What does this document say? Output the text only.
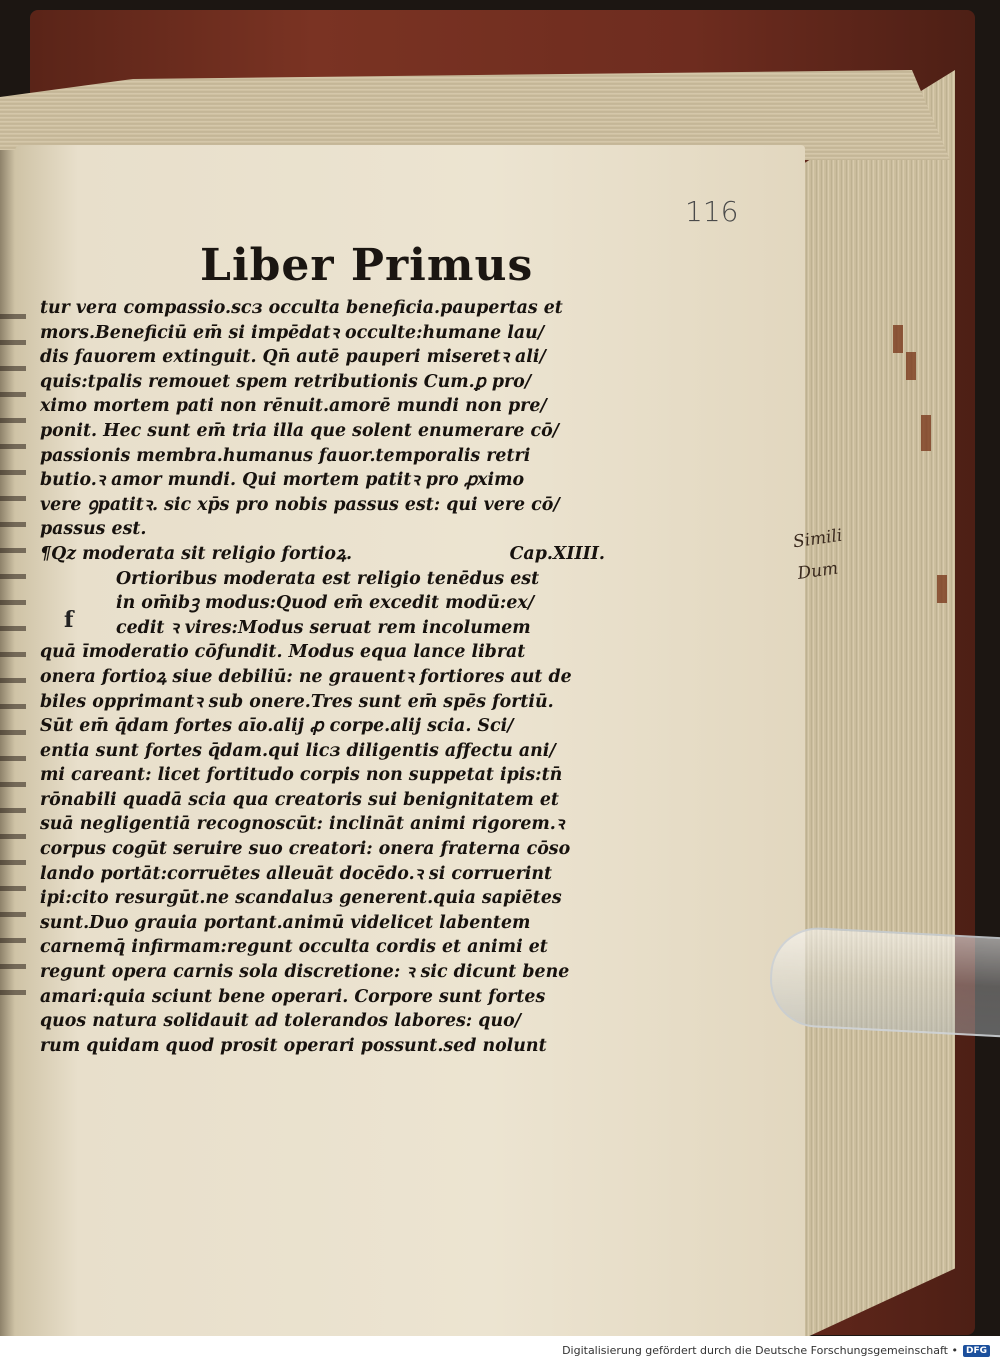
116
Liber Primus
tur vera compassio.scз occulta beneficia.paupertas et
mors.Beneficiū em̄ si impēdatꝛ occulte:humane lau/
dis fauorem extinguit. Qn̄ autē pauperi miseretꝛ ali/
quis:tpalis remouet spem retributionis Cum.ꝑ pro/
ximo mortem pati non rēnuit.amorē mundi non pre/
ponit. Hec sunt em̄ tria illa que solent enumerare cō/
passionis membra.humanus fauor.temporalis retri
butio.ꝛ amor mundi. Qui mortem patitꝛ pro ꝓximo
vere ꝯpatitꝛ. sic xp̄s pro nobis passus est: qui vere cō/
passus est.
¶Qz moderata sit religio fortioꝝ.	Cap.XIIII.
Ortioribus moderata est religio tenēdus est
in om̄ibꝫ modus:Quod em̄ excedit modū:ex/
cedit ꝛ vires:Modus seruat rem incolumem
quā īmoderatio cōfundit. Modus equa lance librat
onera fortioꝝ siue debiliū: ne grauentꝛ fortiores aut de
biles opprimantꝛ sub onere.Tres sunt em̄ spēs fortiū.
Sūt em̄ q̄dam fortes aīo.alij ꝓ corpe.alij scia. Sci/
entia sunt fortes q̄dam.qui licз diligentis affectu ani/
mi careant: licet fortitudo corpis non suppetat ipis:tn̄
rōnabili quadā scia qua creatoris sui benignitatem et
suā negligentiā recognoscūt: inclināt animi rigorem.ꝛ
corpus cogūt seruire suo creatori: onera fraterna cōso
lando portāt:corruētes alleuāt docēdo.ꝛ si corruerint
ipi:cito resurgūt.ne scandaluз generent.quia sapiētes
sunt.Duo grauia portant.animū videlicet labentem
carnemq̄ infirmam:regunt occulta cordis et animi et
regunt opera carnis sola discretione: ꝛ sic dicunt bene
amari:quia sciunt bene operari. Corpore sunt fortes
quos natura solidauit ad tolerandos labores: quo/
rum quidam quod prosit operari possunt.sed nolunt
f
Simili
Dum
Digitalisierung gefördert durch die Deutsche Forschungsgemeinschaft • DFG
